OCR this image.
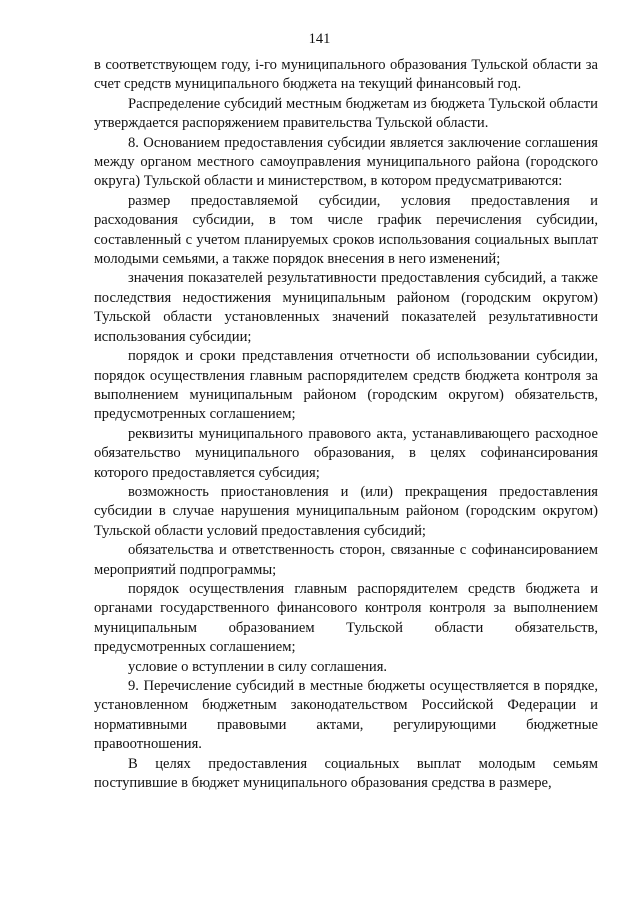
141

в соответствующем году, i-го муниципального образования Тульской области за счет средств муниципального бюджета на текущий финансовый год.

Распределение субсидий местным бюджетам из бюджета Тульской области утверждается распоряжением правительства Тульской области.

8. Основанием предоставления субсидии является заключение соглашения между органом местного самоуправления муниципального района (городского округа) Тульской области и министерством, в котором предусматриваются:

размер предоставляемой субсидии, условия предоставления и расходования субсидии, в том числе график перечисления субсидии, составленный с учетом планируемых сроков использования социальных выплат молодыми семьями, а также порядок внесения в него изменений;

значения показателей результативности предоставления субсидий, а также последствия недостижения муниципальным районом (городским округом) Тульской области установленных значений показателей результативности использования субсидии;

порядок и сроки представления отчетности об использовании субсидии, порядок осуществления главным распорядителем средств бюджета контроля за выполнением муниципальным районом (городским округом) обязательств, предусмотренных соглашением;

реквизиты муниципального правового акта, устанавливающего расходное обязательство муниципального образования, в целях софинансирования которого предоставляется субсидия;

возможность приостановления и (или) прекращения предоставления субсидии в случае нарушения муниципальным районом (городским округом) Тульской области условий предоставления субсидий;

обязательства и ответственность сторон, связанные с софинансированием мероприятий подпрограммы;

порядок осуществления главным распорядителем средств бюджета и органами государственного финансового контроля контроля за выполнением муниципальным образованием Тульской области обязательств, предусмотренных соглашением;

условие о вступлении в силу соглашения.

9. Перечисление субсидий в местные бюджеты осуществляется в порядке, установленном бюджетным законодательством Российской Федерации и нормативными правовыми актами, регулирующими бюджетные правоотношения.

В целях предоставления социальных выплат молодым семьям поступившие в бюджет муниципального образования средства в размере,
